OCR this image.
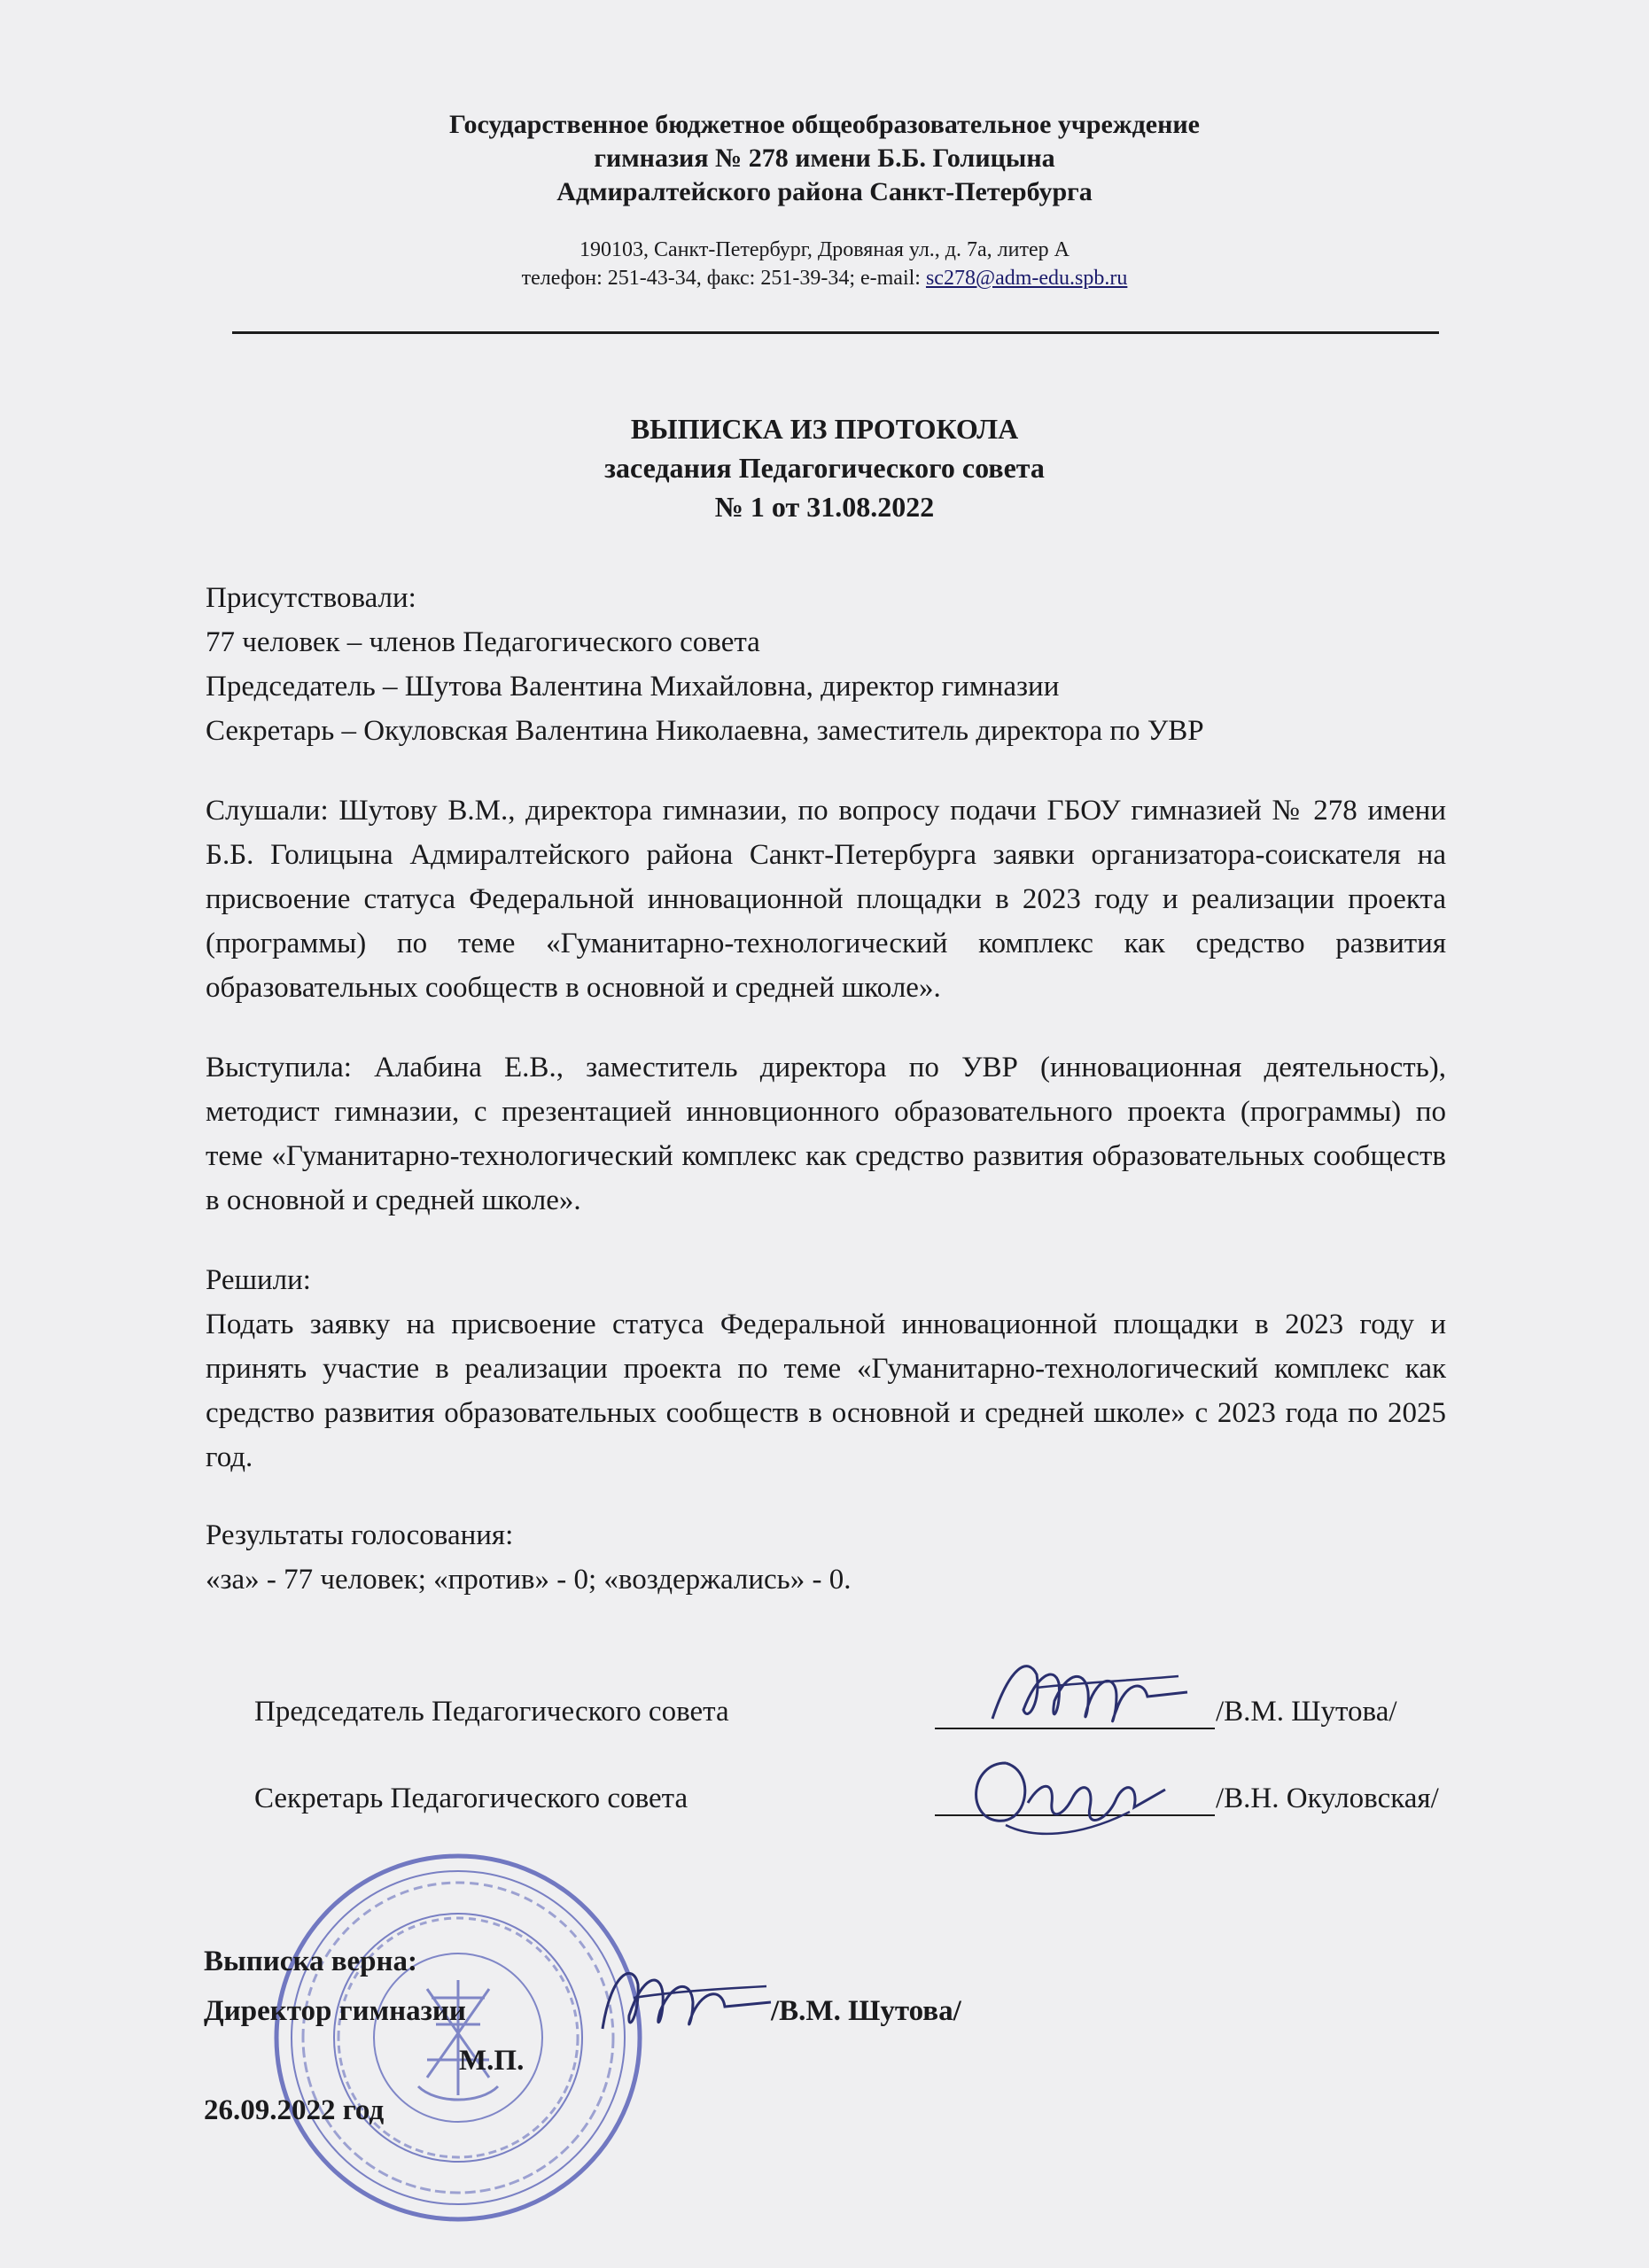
Государственное бюджетное общеобразовательное учреждение
гимназия № 278 имени Б.Б. Голицына
Адмиралтейского района Санкт-Петербурга
190103, Санкт-Петербург, Дровяная ул., д. 7а, литер А
телефон: 251-43-34, факс: 251-39-34; e-mail: sc278@adm-edu.spb.ru
ВЫПИСКА ИЗ ПРОТОКОЛА
заседания Педагогического совета
№ 1 от 31.08.2022
Присутствовали:
77 человек – членов Педагогического совета
Председатель – Шутова Валентина Михайловна, директор гимназии
Секретарь – Окуловская Валентина Николаевна, заместитель директора по УВР

Слушали: Шутову В.М., директора гимназии, по вопросу подачи ГБОУ гимназией № 278 имени Б.Б. Голицына Адмиралтейского района Санкт-Петербурга заявки организатора-соискателя на присвоение статуса Федеральной инновационной площадки в 2023 году и реализации проекта (программы) по теме «Гуманитарно-технологический комплекс как средство развития образовательных сообществ в основной и средней школе».

Выступила: Алабина Е.В., заместитель директора по УВР (инновационная деятельность), методист гимназии, с презентацией инновционного образовательного проекта (программы) по теме «Гуманитарно-технологический комплекс как средство развития образовательных сообществ в основной и средней школе».

Решили:

Подать заявку на присвоение статуса Федеральной инновационной площадки в 2023 году и принять участие в реализации проекта по теме «Гуманитарно-технологический комплекс как средство развития образовательных сообществ в основной и средней школе» с 2023 года по 2025 год.

Результаты голосования:
«за» - 77 человек; «против» - 0; «воздержались» - 0.
Председатель Педагогического совета	/В.М. Шутова/
Секретарь Педагогического совета	/В.Н. Окуловская/
Выписка верна:
Директор гимназии	/В.М. Шутова/
М.П.
26.09.2022 год
